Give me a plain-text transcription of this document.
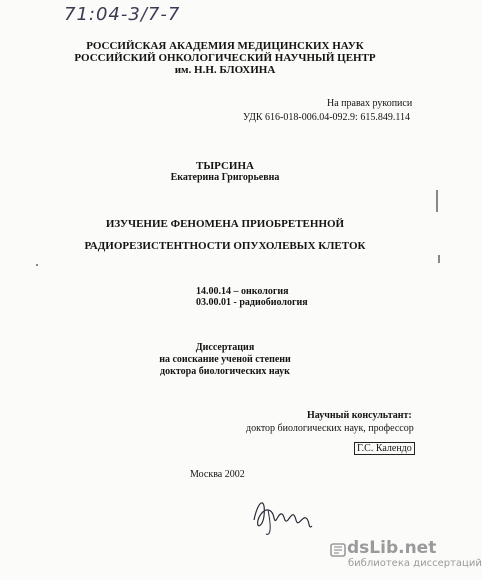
71:04-3/7-7
РОССИЙСКАЯ АКАДЕМИЯ МЕДИЦИНСКИХ НАУК
РОССИЙСКИЙ ОНКОЛОГИЧЕСКИЙ НАУЧНЫЙ ЦЕНТР
им. Н.Н. БЛОХИНА
На правах рукописи
УДК 616-018-006.04-092.9: 615.849.114
ТЫРСИНА
Екатерина Григорьевна
ИЗУЧЕНИЕ ФЕНОМЕНА ПРИОБРЕТЕННОЙ
РАДИОРЕЗИСТЕНТНОСТИ ОПУХОЛЕВЫХ КЛЕТОК
14.00.14 – онкология
03.00.01 - радиобиология
Диссертация
на соискание ученой степени
доктора биологических наук
Научный консультант:
доктор биологических наук, профессор
Г.С. Календо
Москва 2002
dsLib.net
библиотека диссертаций
